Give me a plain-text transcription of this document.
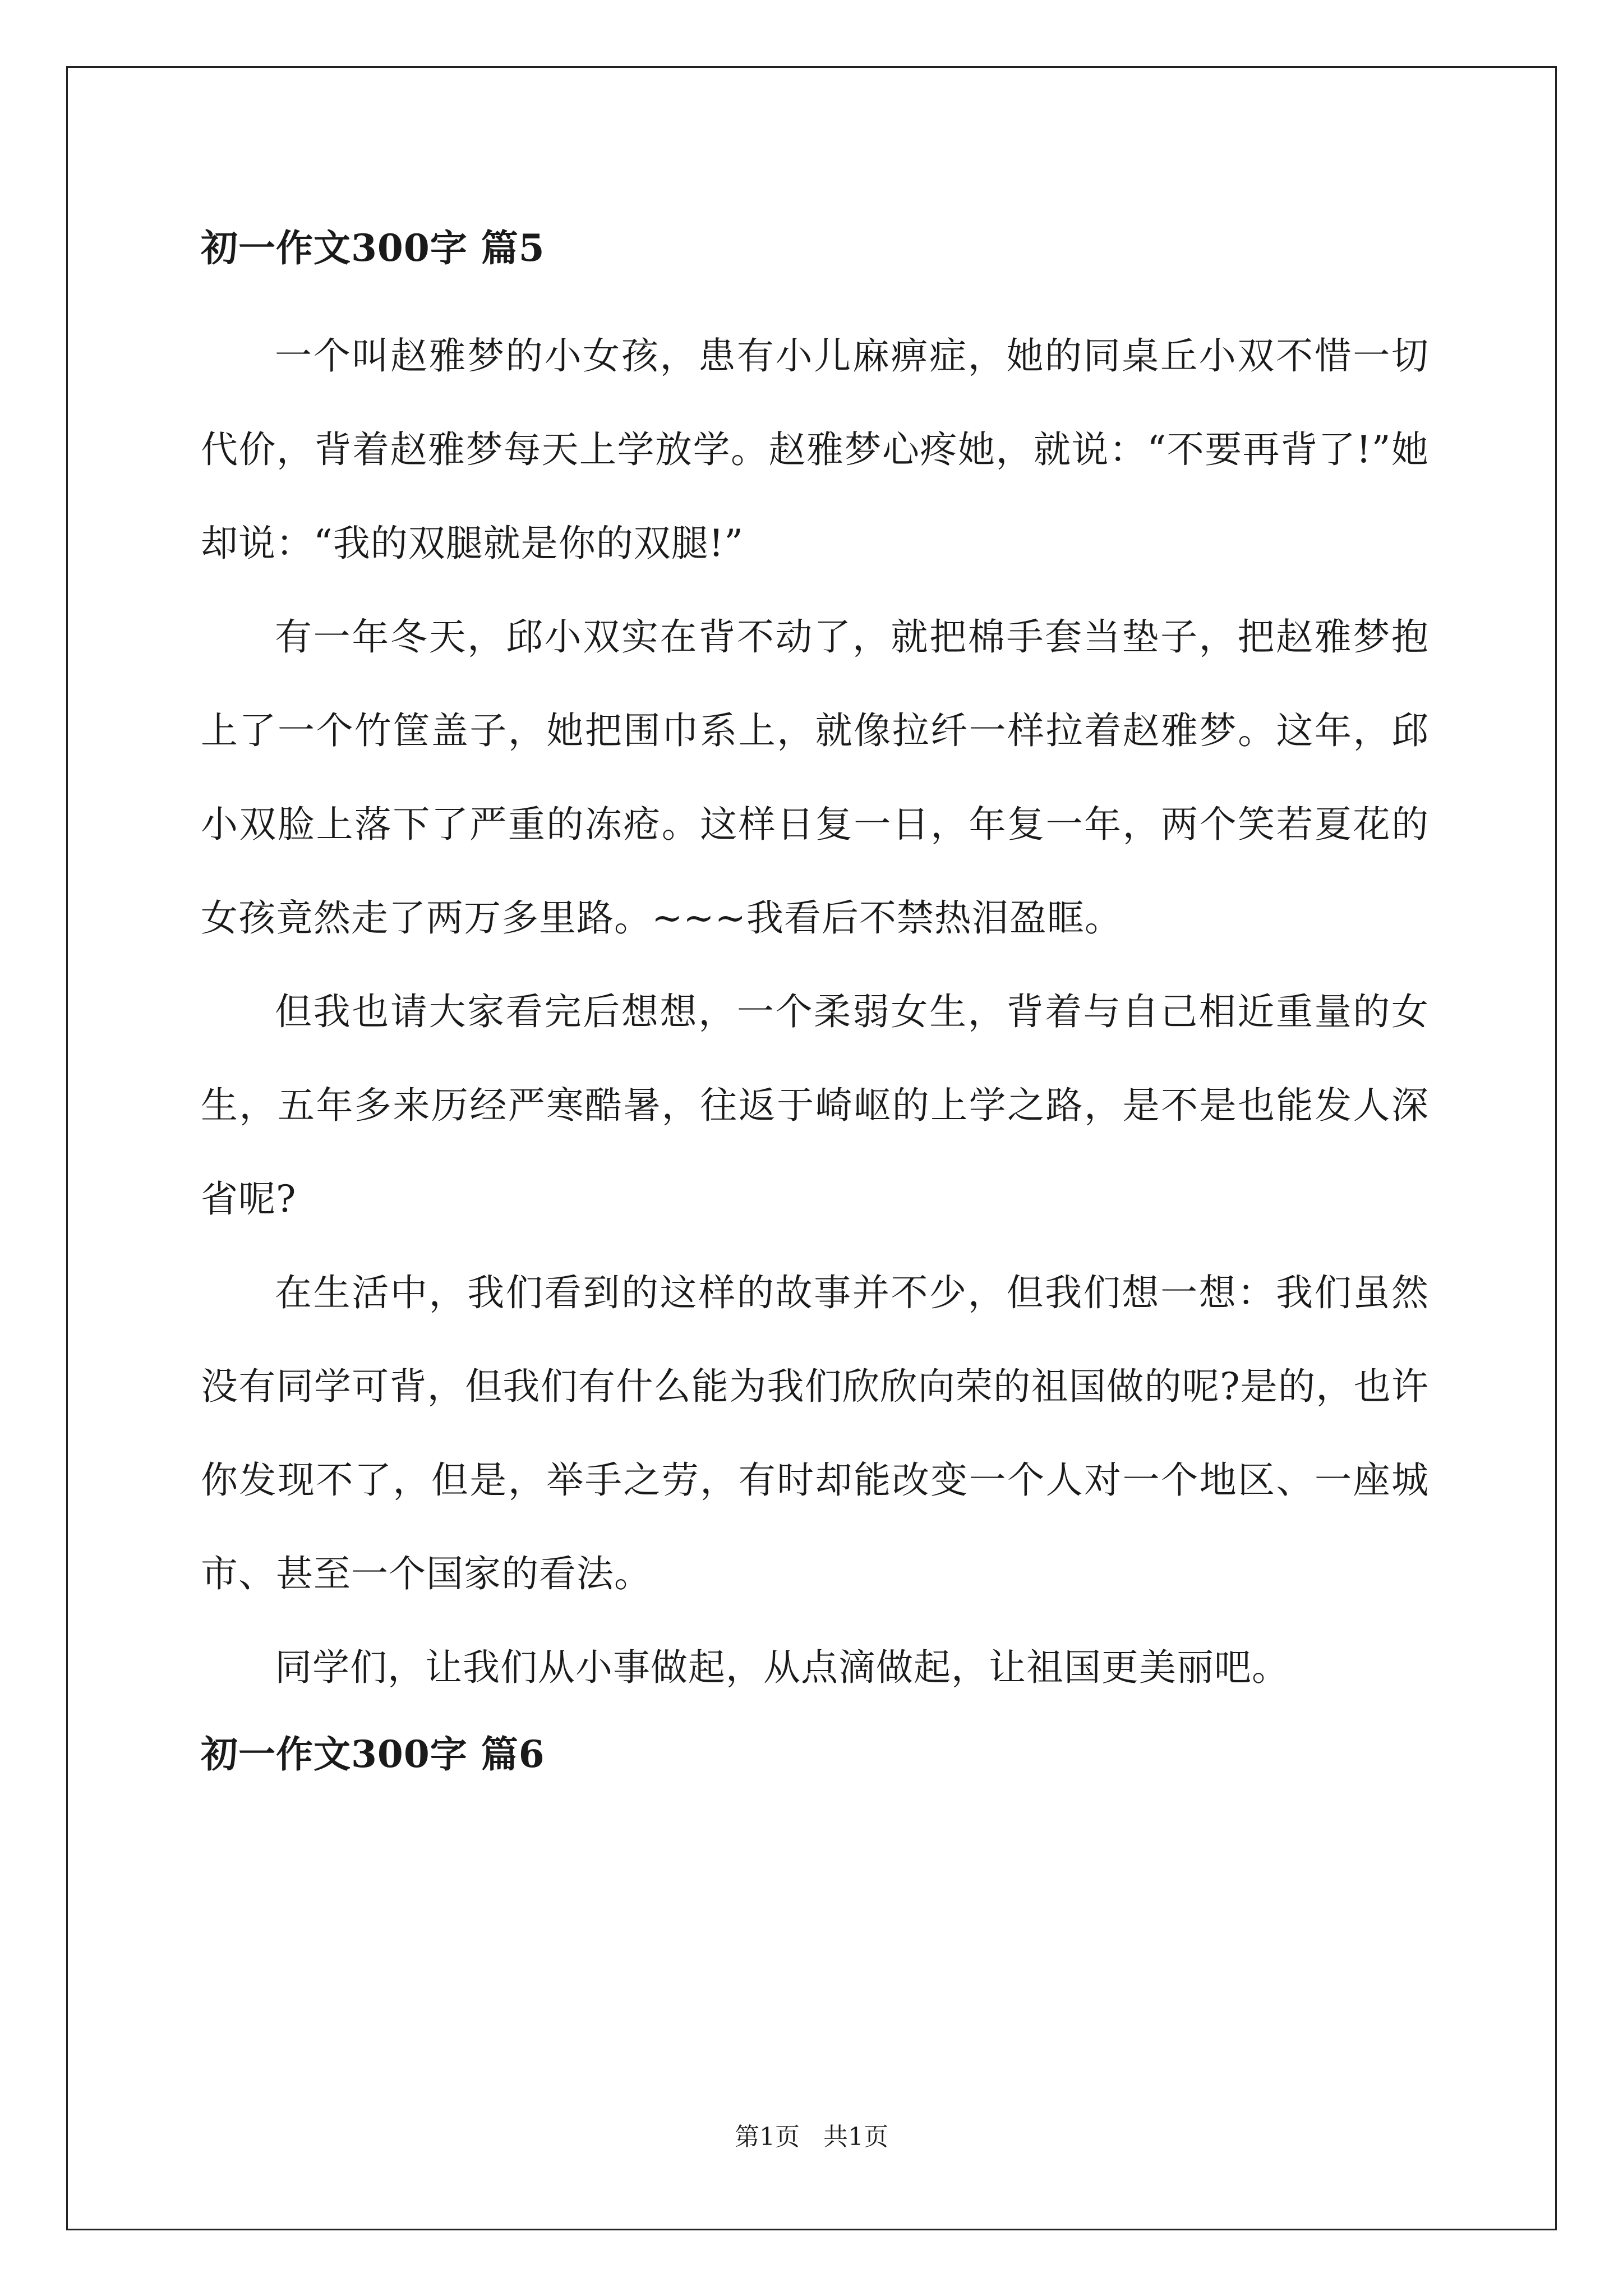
初一作文300字 篇5

一个叫赵雅梦的小女孩，患有小儿麻痹症，她的同桌丘小双不惜一切代价，背着赵雅梦每天上学放学。赵雅梦心疼她，就说：“不要再背了!”她却说：“我的双腿就是你的双腿!”

有一年冬天，邱小双实在背不动了，就把棉手套当垫子，把赵雅梦抱上了一个竹筐盖子，她把围巾系上，就像拉纤一样拉着赵雅梦。这年，邱小双脸上落下了严重的冻疮。这样日复一日，年复一年，两个笑若夏花的女孩竟然走了两万多里路。~~~我看后不禁热泪盈眶。

但我也请大家看完后想想，一个柔弱女生，背着与自己相近重量的女生，五年多来历经严寒酷暑，往返于崎岖的上学之路，是不是也能发人深省呢?

在生活中，我们看到的这样的故事并不少，但我们想一想：我们虽然没有同学可背，但我们有什么能为我们欣欣向荣的祖国做的呢?是的，也许你发现不了，但是，举手之劳，有时却能改变一个人对一个地区、一座城市、甚至一个国家的看法。

同学们，让我们从小事做起，从点滴做起，让祖国更美丽吧。

初一作文300字 篇6
第1页   共1页
